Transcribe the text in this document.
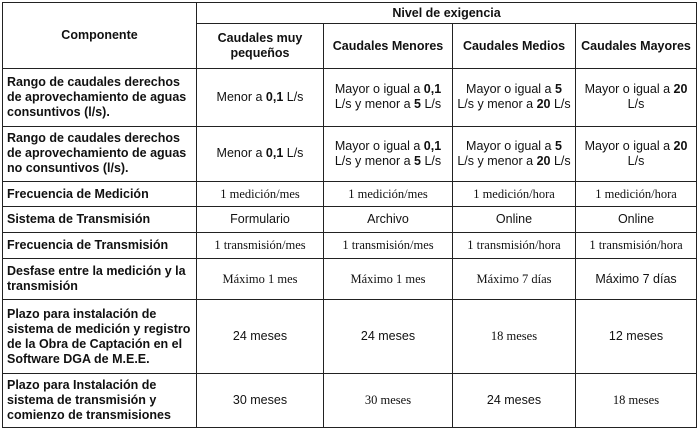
Componente	Nivel de exigencia			
	Caudales muy pequeños	Caudales Menores	Caudales Medios	Caudales Mayores
Rango de caudales derechos de aprovechamiento de aguas consuntivos (l/s).	Menor a 0,1 L/s	Mayor o igual a 0,1 L/s y menor a 5 L/s	Mayor o igual a 5 L/s y menor a 20 L/s	Mayor o igual a 20 L/s
Rango de caudales derechos de aprovechamiento de aguas no consuntivos (l/s).	Menor a 0,1 L/s	Mayor o igual a 0,1 L/s y menor a 5 L/s	Mayor o igual a 5 L/s y menor a 20 L/s	Mayor o igual a 20 L/s
Frecuencia de Medición	1 medición/mes	1 medición/mes	1 medición/hora	1 medición/hora
Sistema de Transmisión	Formulario	Archivo	Online	Online
Frecuencia de Transmisión	1 transmisión/mes	1 transmisión/mes	1 transmisión/hora	1 transmisión/hora
Desfase entre la medición y la transmisión	Máximo 1 mes	Máximo 1 mes	Máximo 7 días	Máximo 7 días
Plazo para instalación de sistema de medición y registro de la Obra de Captación en el Software DGA de M.E.E.	24 meses	24 meses	18 meses	12 meses
Plazo para Instalación de sistema de transmisión y comienzo de transmisiones	30 meses	30 meses	24 meses	18 meses
